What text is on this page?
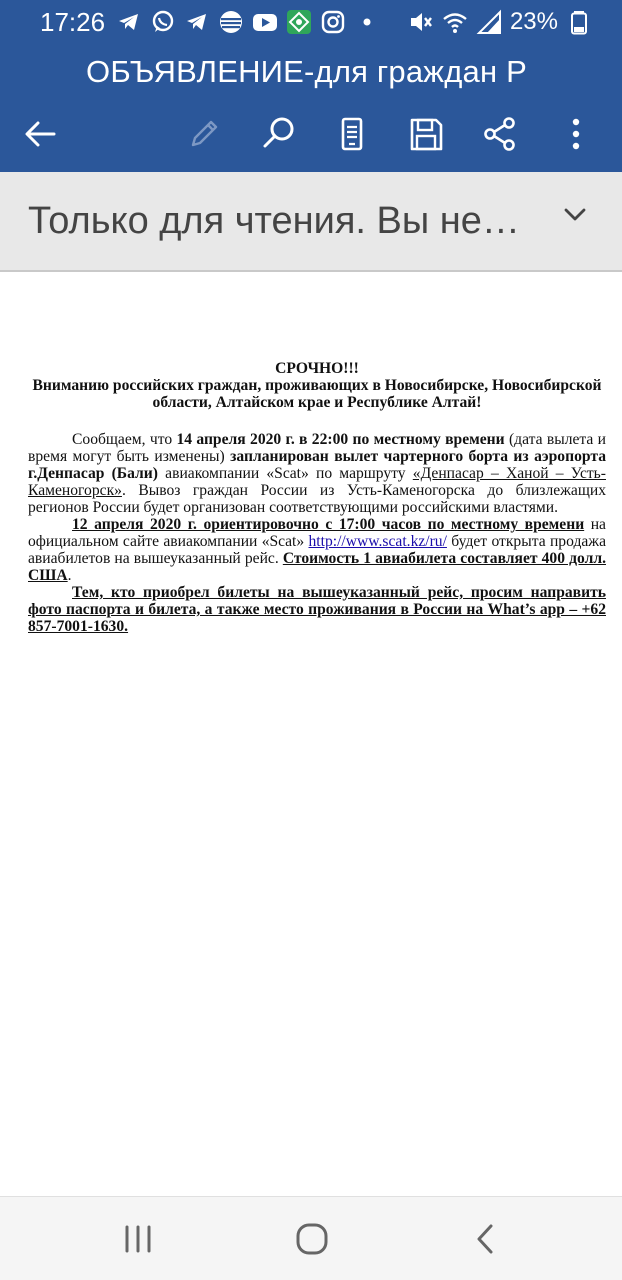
17:26	23%
ОБЪЯВЛЕНИЕ-для граждан Р
Только для чтения. Вы не…
СРОЧНО!!!
Вниманию российских граждан, проживающих в Новосибирске, Новосибирской области, Алтайском крае и Республике Алтай!

Сообщаем, что 14 апреля 2020 г. в 22:00 по местному времени (дата вылета и время могут быть изменены) запланирован вылет чартерного борта из аэропорта г.Денпасар (Бали) авиакомпании «Scat» по маршруту «Денпасар – Ханой – Усть-Каменогорск». Вывоз граждан России из Усть-Каменогорска до близлежащих регионов России будет организован соответствующими российскими властями.

12 апреля 2020 г. ориентировочно с 17:00 часов по местному времени на официальном сайте авиакомпании «Scat» http://www.scat.kz/ru/ будет открыта продажа авиабилетов на вышеуказанный рейс. Стоимость 1 авиабилета составляет 400 долл. США.

Тем, кто приобрел билеты на вышеуказанный рейс, просим направить фото паспорта и билета, а также место проживания в России на What’s app – +62 857-7001-1630.
